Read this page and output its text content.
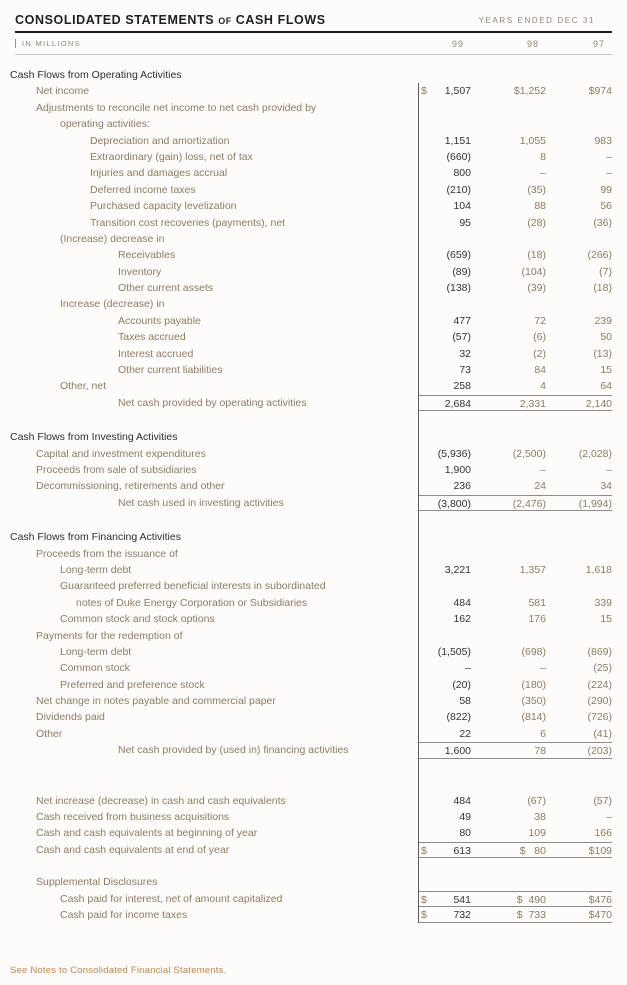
CONSOLIDATED STATEMENTS OF CASH FLOWS	YEARS ENDED DEC 31
IN MILLIONS	99	98	97
Cash Flows from Operating Activities
Net income	$ 1,507	$1,252	$974
Adjustments to reconcile net income to net cash provided by
operating activities:
Depreciation and amortization	1,151	1,055	983
Extraordinary (gain) loss, net of tax	(660)	8	–
Injuries and damages accrual	800	–	–
Deferred income taxes	(210)	(35)	99
Purchased capacity levelization	104	88	56
Transition cost recoveries (payments), net	95	(28)	(36)
(Increase) decrease in
Receivables	(659)	(18)	(266)
Inventory	(89)	(104)	(7)
Other current assets	(138)	(39)	(18)
Increase (decrease) in
Accounts payable	477	72	239
Taxes accrued	(57)	(6)	50
Interest accrued	32	(2)	(13)
Other current liabilities	73	84	15
Other, net	258	4	64
Net cash provided by operating activities	2,684	2,331	2,140
Cash Flows from Investing Activities
Capital and investment expenditures	(5,936)	(2,500)	(2,028)
Proceeds from sale of subsidiaries	1,900	–	–
Decommissioning, retirements and other	236	24	34
Net cash used in investing activities	(3,800)	(2,476)	(1,994)
Cash Flows from Financing Activities
Proceeds from the issuance of
Long-term debt	3,221	1,357	1,618
Guaranteed preferred beneficial interests in subordinated
notes of Duke Energy Corporation or Subsidiaries	484	581	339
Common stock and stock options	162	176	15
Payments for the redemption of
Long-term debt	(1,505)	(698)	(869)
Common stock	–	–	(25)
Preferred and preference stock	(20)	(180)	(224)
Net change in notes payable and commercial paper	58	(350)	(290)
Dividends paid	(822)	(814)	(726)
Other	22	6	(41)
Net cash provided by (used in) financing activities	1,600	78	(203)
Net increase (decrease) in cash and cash equivalents	484	(67)	(57)
Cash received from business acquisitions	49	38	–
Cash and cash equivalents at beginning of year	80	109	166
Cash and cash equivalents at end of year	$	613	$   80	$109
Supplemental Disclosures
Cash paid for interest, net of amount capitalized	$	541	$  490	$476
Cash paid for income taxes	$	732	$  733	$470
See Notes to Consolidated Financial Statements.
